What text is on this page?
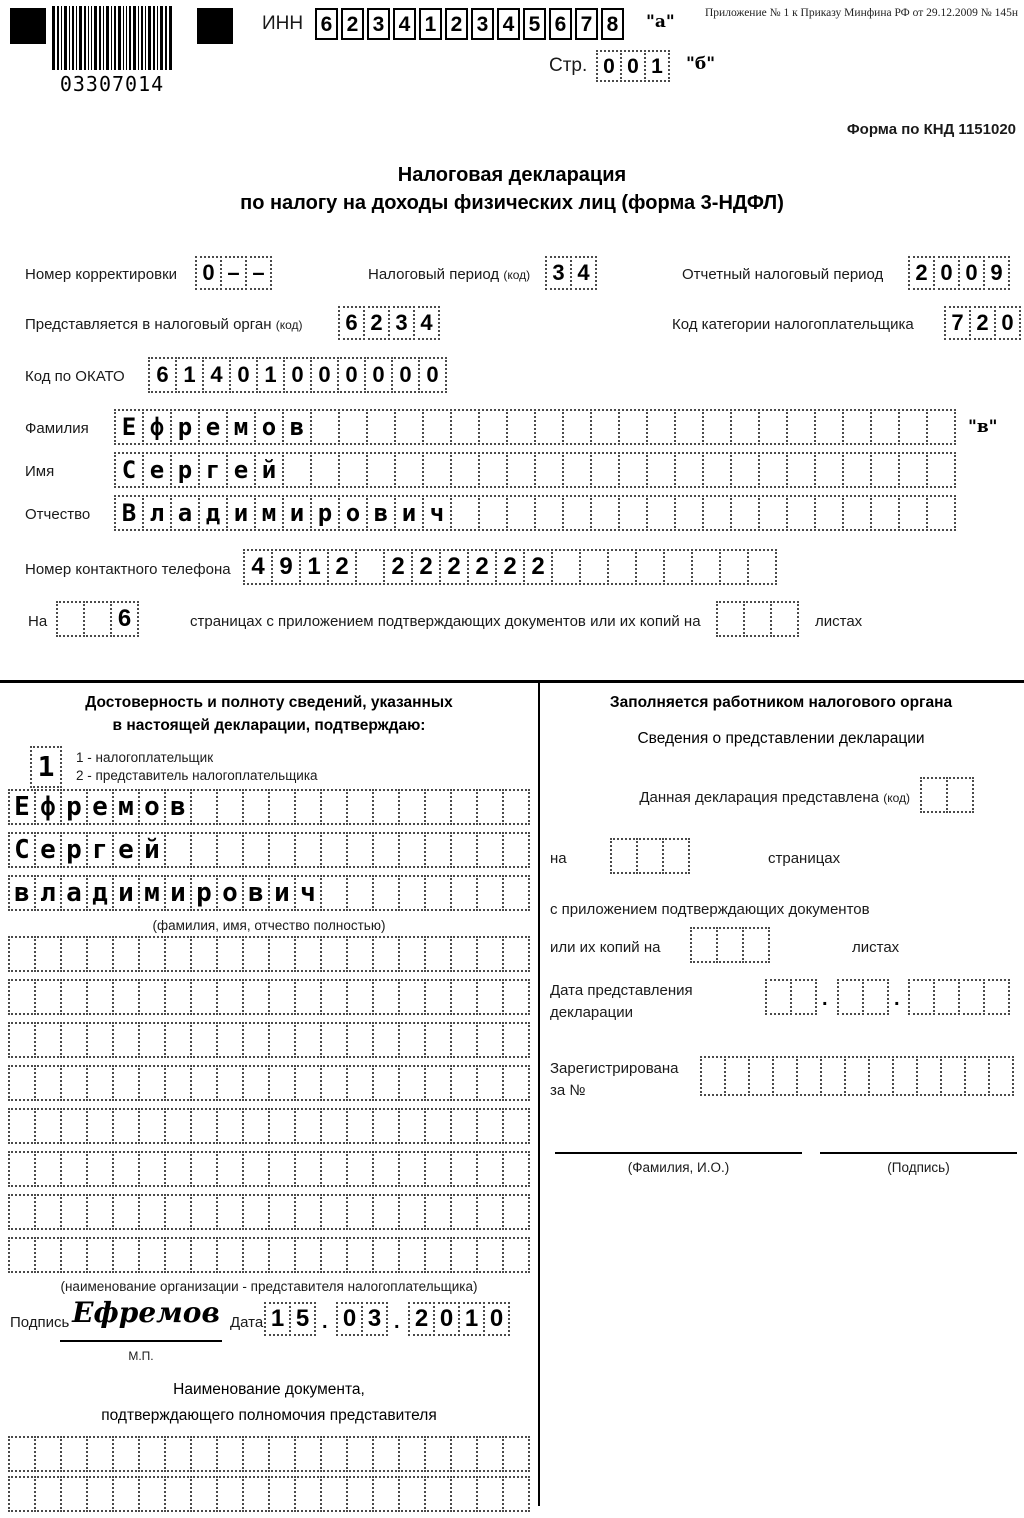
03307014
ИНН 6 2 3 4 1 2 3 4 5 6 7 8	"а"
Стр. 0 0 1	"б"
Приложение № 1 к Приказу Минфина РФ от 29.12.2009 № 145н
Форма по КНД 1151020
Налоговая декларация
по налогу на доходы физических лиц (форма 3-НДФЛ)
Номер корректировки	0 – –	Налоговый период (код)	3 4	Отчетный налоговый период	2 0 0 9
Представляется в налоговый орган (код)	6 2 3 4	Код категории налогоплательщика	7 2 0
Код по ОКАТО	6 1 4 0 1 0 0 0 0 0 0
Фамилия	Е ф р е м о в	"в"
Имя	С е р г е й
Отчество	В л а д и м и р о в и ч
Номер контактного телефона 4 9 1 2	2 2 2 2 2 2
На	6	страницах с приложением подтверждающих документов или их копий на	листах
Достоверность и полноту сведений, указанных
в настоящей декларации, подтверждаю:
1	1 - налогоплательщик
2 - представитель налогоплательщика
Е ф р е м о в
С е р г е й
в л а д и м и р о в и ч
(фамилия, имя, отчество полностью)
(наименование организации - представителя налогоплательщика)
Подпись Ефремов
М.П.
Дата 1 5 . 0 3 . 2 0 1 0
Наименование документа,
подтверждающего полномочия представителя
Заполняется работником налогового органа
Сведения о представлении декларации
Данная декларация представлена (код)
на	страницах
с приложением подтверждающих документов
или их копий на	листах
Дата представления
декларации
.	.
Зарегистрирована
за №
(Фамилия, И.О.)	(Подпись)
